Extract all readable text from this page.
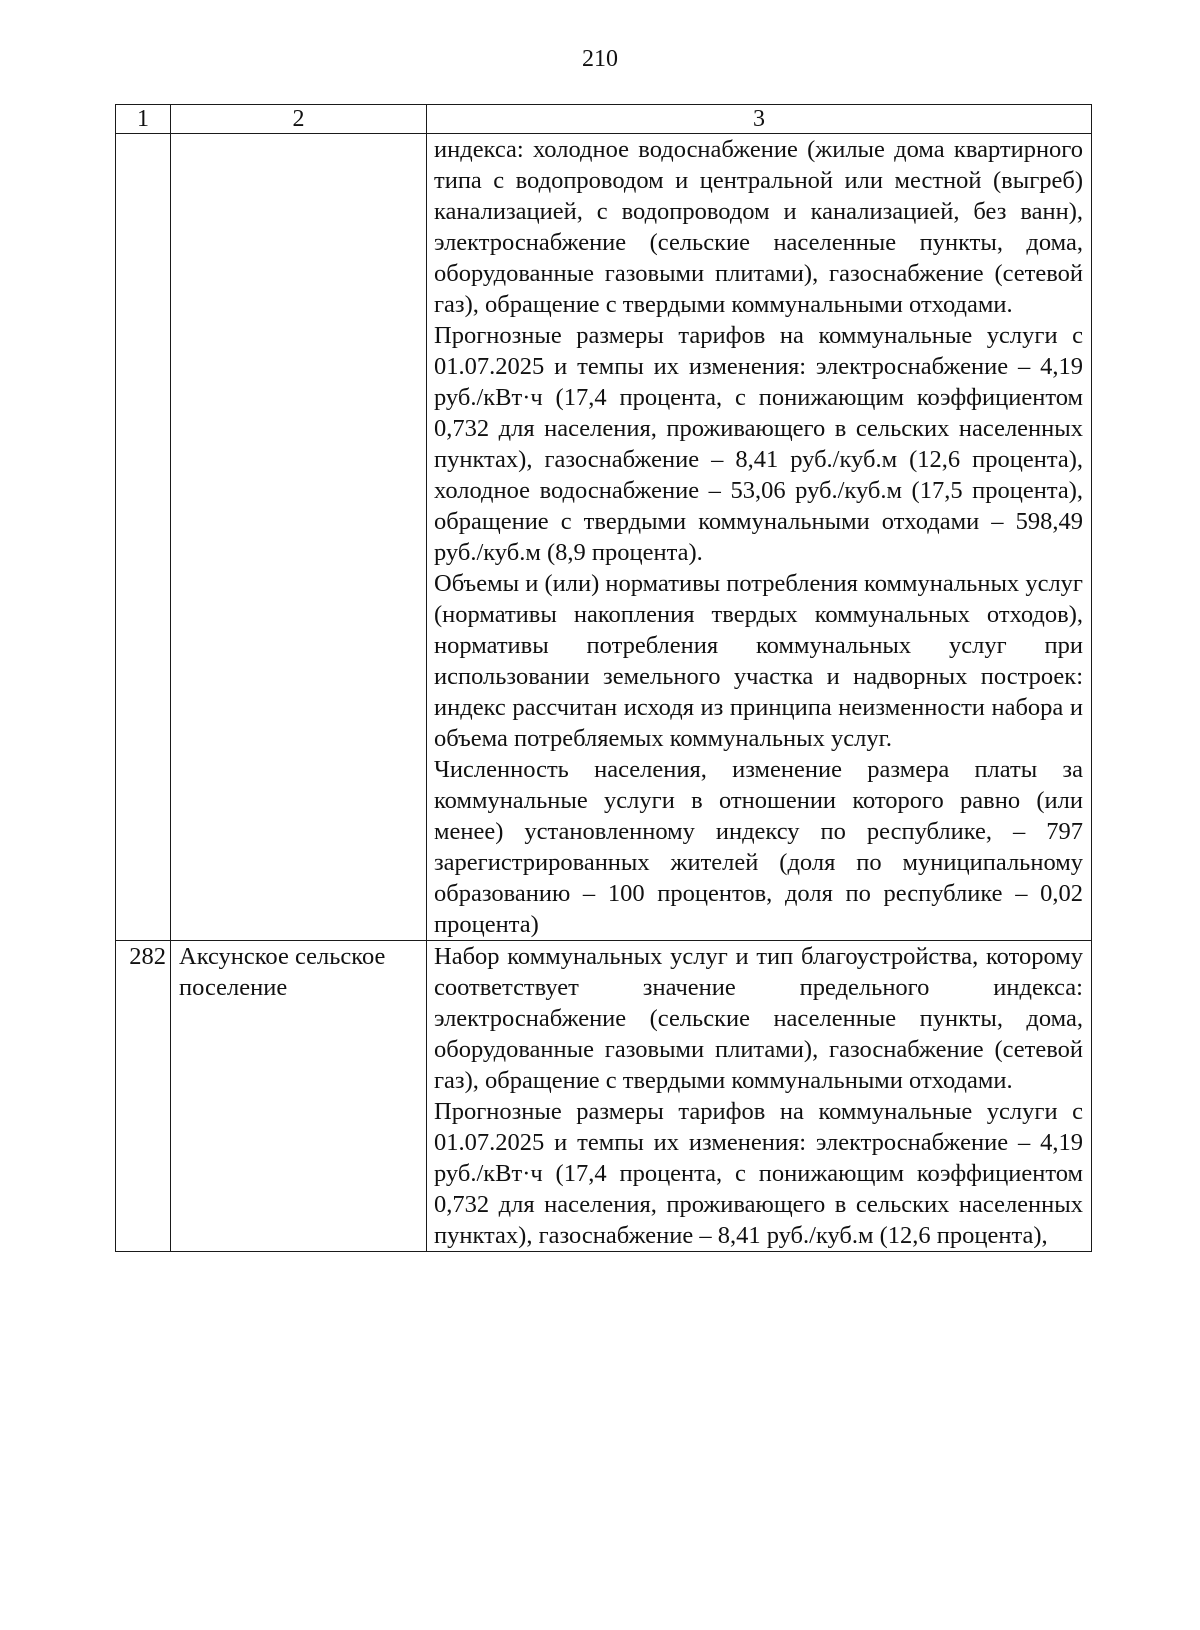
210
1	2	3

		индекса: холодное водоснабжение (жилые дома квартирного типа с водопроводом и центральной или местной (выгреб) канализацией, с водопроводом и канализацией, без ванн), электроснабжение (сельские населенные пункты, дома, оборудованные газовыми плитами), газоснабжение (сетевой газ), обращение с твердыми коммунальными отходами.
Прогнозные размеры тарифов на коммунальные услуги с 01.07.2025 и темпы их изменения: электроснабжение – 4,19 руб./кВт·ч (17,4 процента, с понижающим коэффициентом 0,732 для населения, проживающего в сельских населенных пунктах), газоснабжение – 8,41 руб./куб.м (12,6 процента), холодное водоснабжение – 53,06 руб./куб.м (17,5 процента), обращение с твердыми коммунальными отходами – 598,49 руб./куб.м (8,9 процента).
Объемы и (или) нормативы потребления коммунальных услуг (нормативы накопления твердых коммунальных отходов), нормативы потребления коммунальных услуг при использовании земельного участка и надворных построек: индекс рассчитан исходя из принципа неизменности набора и объема потребляемых коммунальных услуг.
Численность населения, изменение размера платы за коммунальные услуги в отношении которого равно (или менее) установленному индексу по республике, – 797 зарегистрированных жителей (доля по муниципальному образованию – 100 процентов, доля по республике – 0,02 процента)

282	Аксунское сельское поселение	Набор коммунальных услуг и тип благоустройства, которому соответствует значение предельного индекса: электроснабжение (сельские населенные пункты, дома, оборудованные газовыми плитами), газоснабжение (сетевой газ), обращение с твердыми коммунальными отходами.
Прогнозные размеры тарифов на коммунальные услуги с 01.07.2025 и темпы их изменения: электроснабжение – 4,19 руб./кВт·ч (17,4 процента, с понижающим коэффициентом 0,732 для населения, проживающего в сельских населенных пунктах), газоснабжение – 8,41 руб./куб.м (12,6 процента),
